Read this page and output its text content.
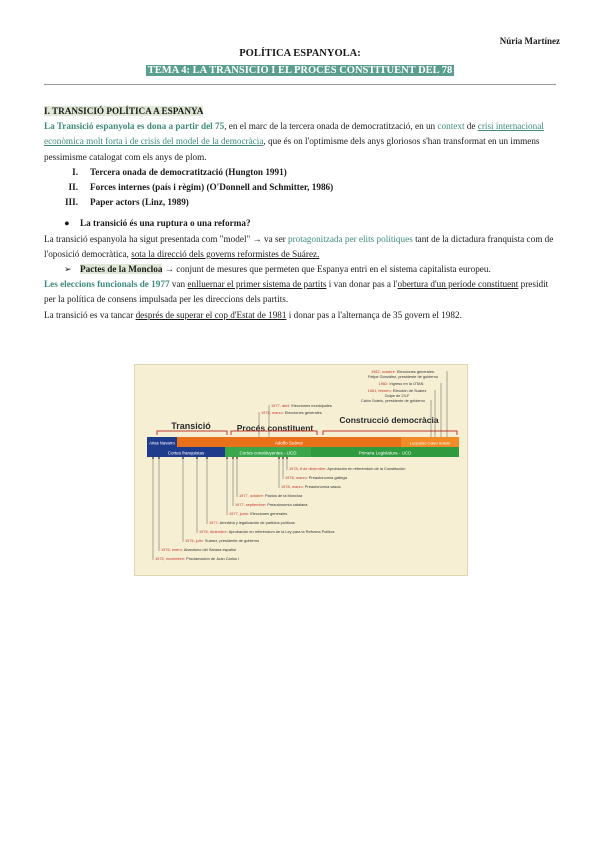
Núria Martínez
POLÍTICA ESPANYOLA:
TEMA 4: LA TRANSICIÓ I EL PROCÉS CONSTITUENT DEL 78

I. TRANSICIÓ POLÍTICA A ESPANYA

La Transició espanyola es dona a partir del 75, en el marc de la tercera onada de democratització, en un context de crisi internacional econòmica molt forta i de crisis del model de la democràcia, que és on l'optimisme dels anys gloriosos s'han transformat en un immens pessimisme catalogat com els anys de plom.

I.	Tercera onada de democratització (Hungton 1991)
II.	Forces internes (país i règim) (O'Donnell and Schmitter, 1986)
III.	Paper actors (Linz, 1989)
●	La transició és una ruptura o una reforma?

La transició espanyola ha sigut presentada com "model" → va ser protagonitzada per elits polítiques tant de la dictadura franquista com de l'oposició democràtica, sota la direcció dels governs reformistes de Suárez.

➢ Pactes de la Moncloa → conjunt de mesures que permeten que Espanya entri en el sistema capitalista europeu.

Les eleccions funcionals de 1977 van enlluernar el primer sistema de partits i van donar pas a l'obertura d'un període constituent presidit per la política de consens impulsada per les direccions dels partits.

La transició es va tancar després de superar el cop d'Estat de 1981 i donar pas a l'alternança de 35 govern el 1982.

Transició	Procés constituent
Construcció democràcia
Arias Navarro	Adolfo Suárez	Leopoldo Calvo Sotelo
Cortes franquistas	Cortes constituyentes - UCD	Primera Legislatura - UCD
1982, octubre: Elecciones generales.
Felipe González, presidente de gobierno
1982: Ingreso en la OTAN
1981, febrero: Elección de Suárez
Golpe de 23-F
Calvo Sotelo, presidente de gobierno
1977, abril: Elecciones municipales
1978, marzo: Elecciones generales
1978, 6 de diciembre: Aprobación en referéndum de la Constitución
1978, marzo: Preautonomía gallega
1978, marzo: Preautonomía vasca
1977, octubre: Pactos de la Moncloa
1977, septiembre: Preautonomía catalana
1977, junio: Elecciones generales
1977: Amnistía y legalización de partidos políticos
1976, diciembre: Aprobación en referéndum de la Ley para la Reforma Política
1976, julio: Suárez, presidente de gobierno
1976, enero: Abandono del Sahara español
1975, noviembre: Proclamación de Juan Carlos I
